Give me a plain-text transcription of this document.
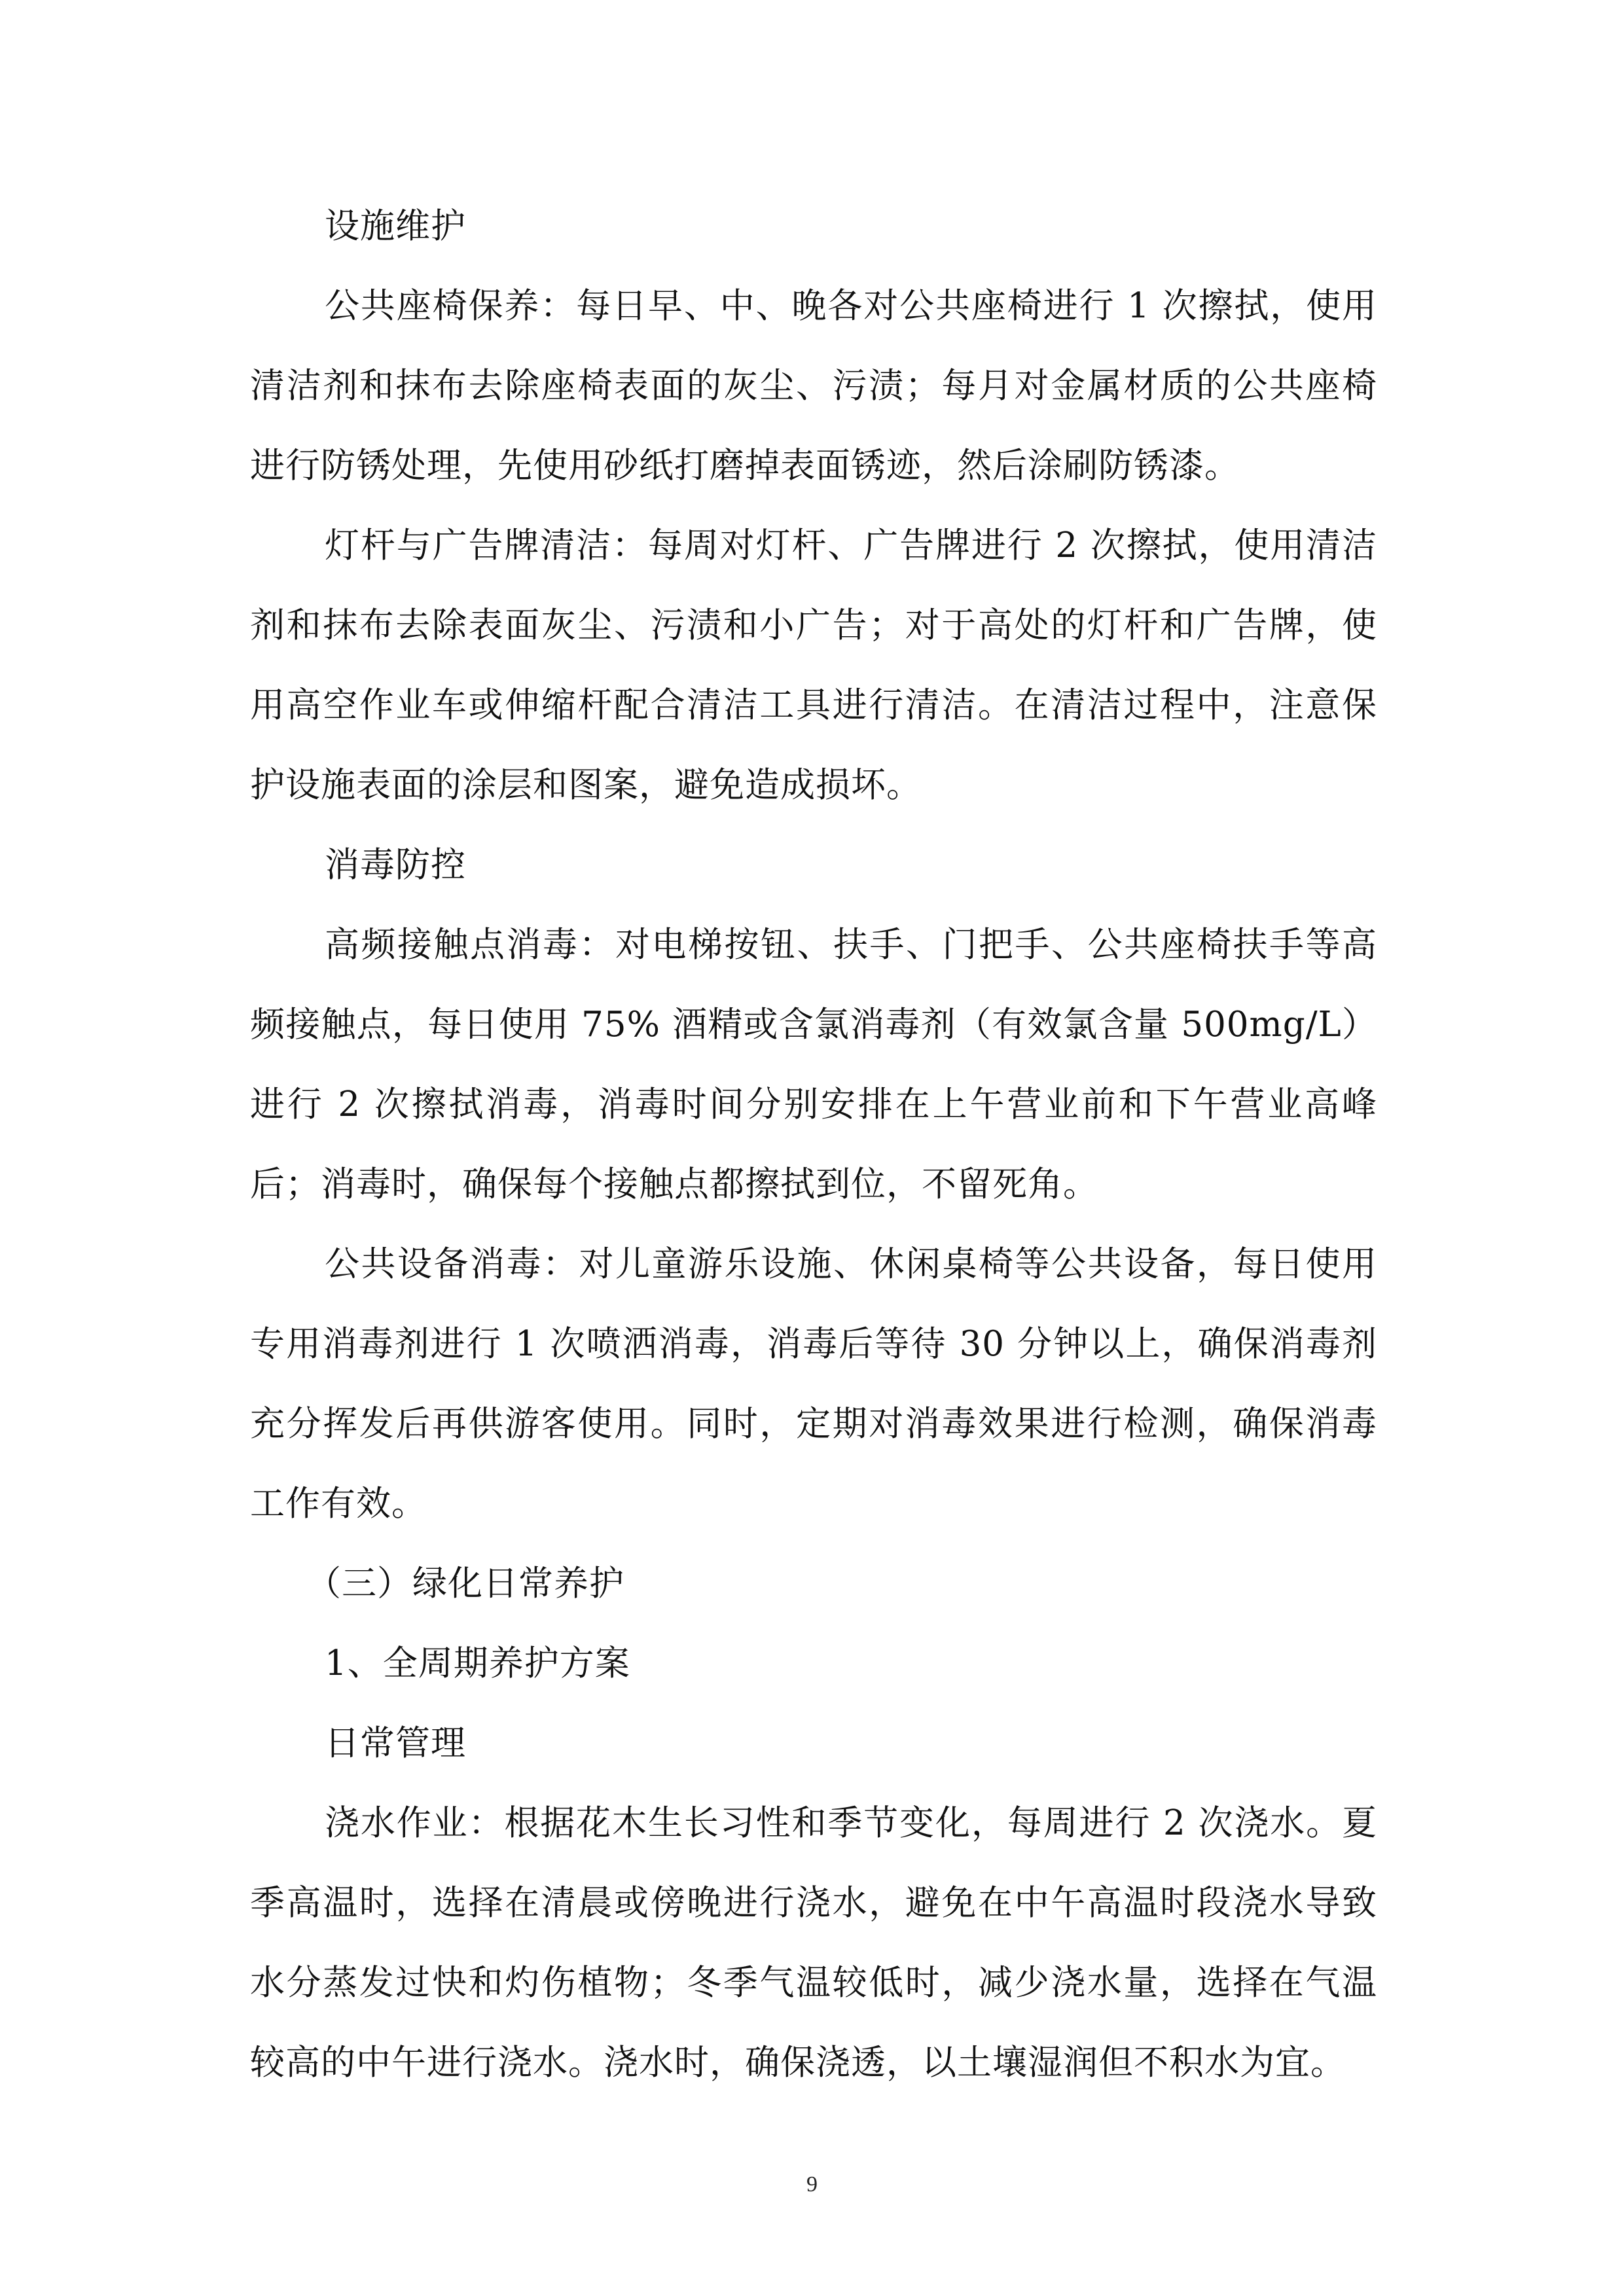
设施维护

公共座椅保养：每日早、中、晚各对公共座椅进行 1 次擦拭，使用清洁剂和抹布去除座椅表面的灰尘、污渍；每月对金属材质的公共座椅进行防锈处理，先使用砂纸打磨掉表面锈迹，然后涂刷防锈漆。

灯杆与广告牌清洁：每周对灯杆、广告牌进行 2 次擦拭，使用清洁剂和抹布去除表面灰尘、污渍和小广告；对于高处的灯杆和广告牌，使用高空作业车或伸缩杆配合清洁工具进行清洁。在清洁过程中，注意保护设施表面的涂层和图案，避免造成损坏。

消毒防控

高频接触点消毒：对电梯按钮、扶手、门把手、公共座椅扶手等高频接触点，每日使用 75% 酒精或含氯消毒剂（有效氯含量 500mg/L）进行 2 次擦拭消毒，消毒时间分别安排在上午营业前和下午营业高峰后；消毒时，确保每个接触点都擦拭到位，不留死角。

公共设备消毒：对儿童游乐设施、休闲桌椅等公共设备，每日使用专用消毒剂进行 1 次喷洒消毒，消毒后等待 30 分钟以上，确保消毒剂充分挥发后再供游客使用。同时，定期对消毒效果进行检测，确保消毒工作有效。

（三）绿化日常养护

1、全周期养护方案

日常管理

浇水作业：根据花木生长习性和季节变化，每周进行 2 次浇水。夏季高温时，选择在清晨或傍晚进行浇水，避免在中午高温时段浇水导致水分蒸发过快和灼伤植物；冬季气温较低时，减少浇水量，选择在气温较高的中午进行浇水。浇水时，确保浇透，以土壤湿润但不积水为宜。

9
